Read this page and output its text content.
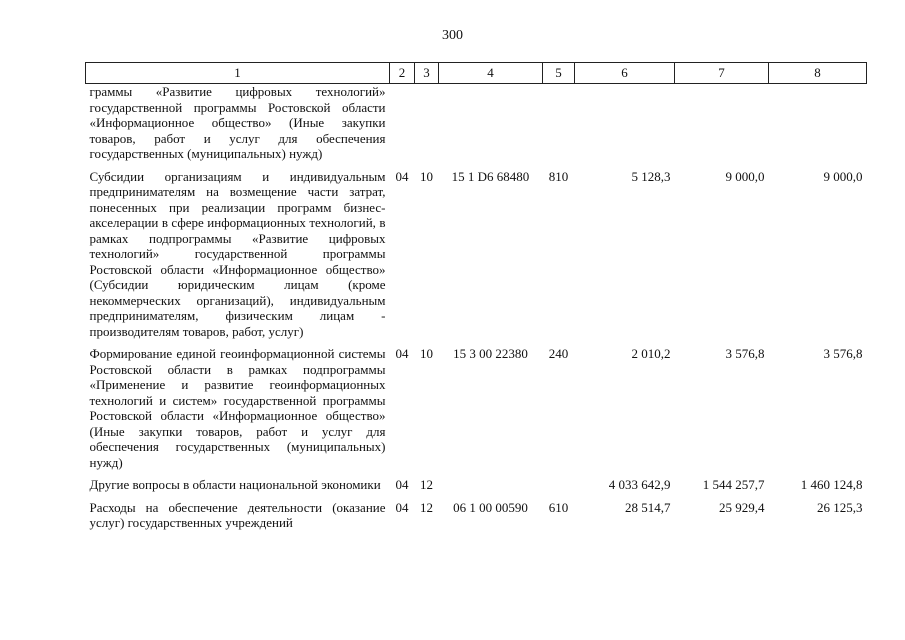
300
1	2	3	4	5	6	7	8
граммы «Развитие цифровых технологий» государственной программы Ростовской области «Информационное общество» (Иные закупки товаров, работ и услуг для обеспечения государственных (муниципальных) нужд)							
Субсидии организациям и индивидуальным предпринимателям на возмещение части затрат, понесенных при реализации программ бизнес-акселерации в сфере информационных технологий, в рамках подпрограммы «Развитие цифровых технологий» государственной программы Ростовской области «Информационное общество» (Субсидии юридическим лицам (кроме некоммерческих организаций), индивидуальным предпринимателям, физическим лицам - производителям товаров, работ, услуг)	04	10	15 1 D6 68480	810	5 128,3	9 000,0	9 000,0
Формирование единой геоинформационной системы Ростовской области в рамках подпрограммы «Применение и развитие геоинформационных технологий и систем» государственной программы Ростовской области «Информационное общество» (Иные закупки товаров, работ и услуг для обеспечения государственных (муниципальных) нужд)	04	10	15 3 00 22380	240	2 010,2	3 576,8	3 576,8
Другие вопросы в области национальной экономики	04	12			4 033 642,9	1 544 257,7	1 460 124,8
Расходы на обеспечение деятельности (оказание услуг) государственных учреждений	04	12	06 1 00 00590	610	28 514,7	25 929,4	26 125,3
